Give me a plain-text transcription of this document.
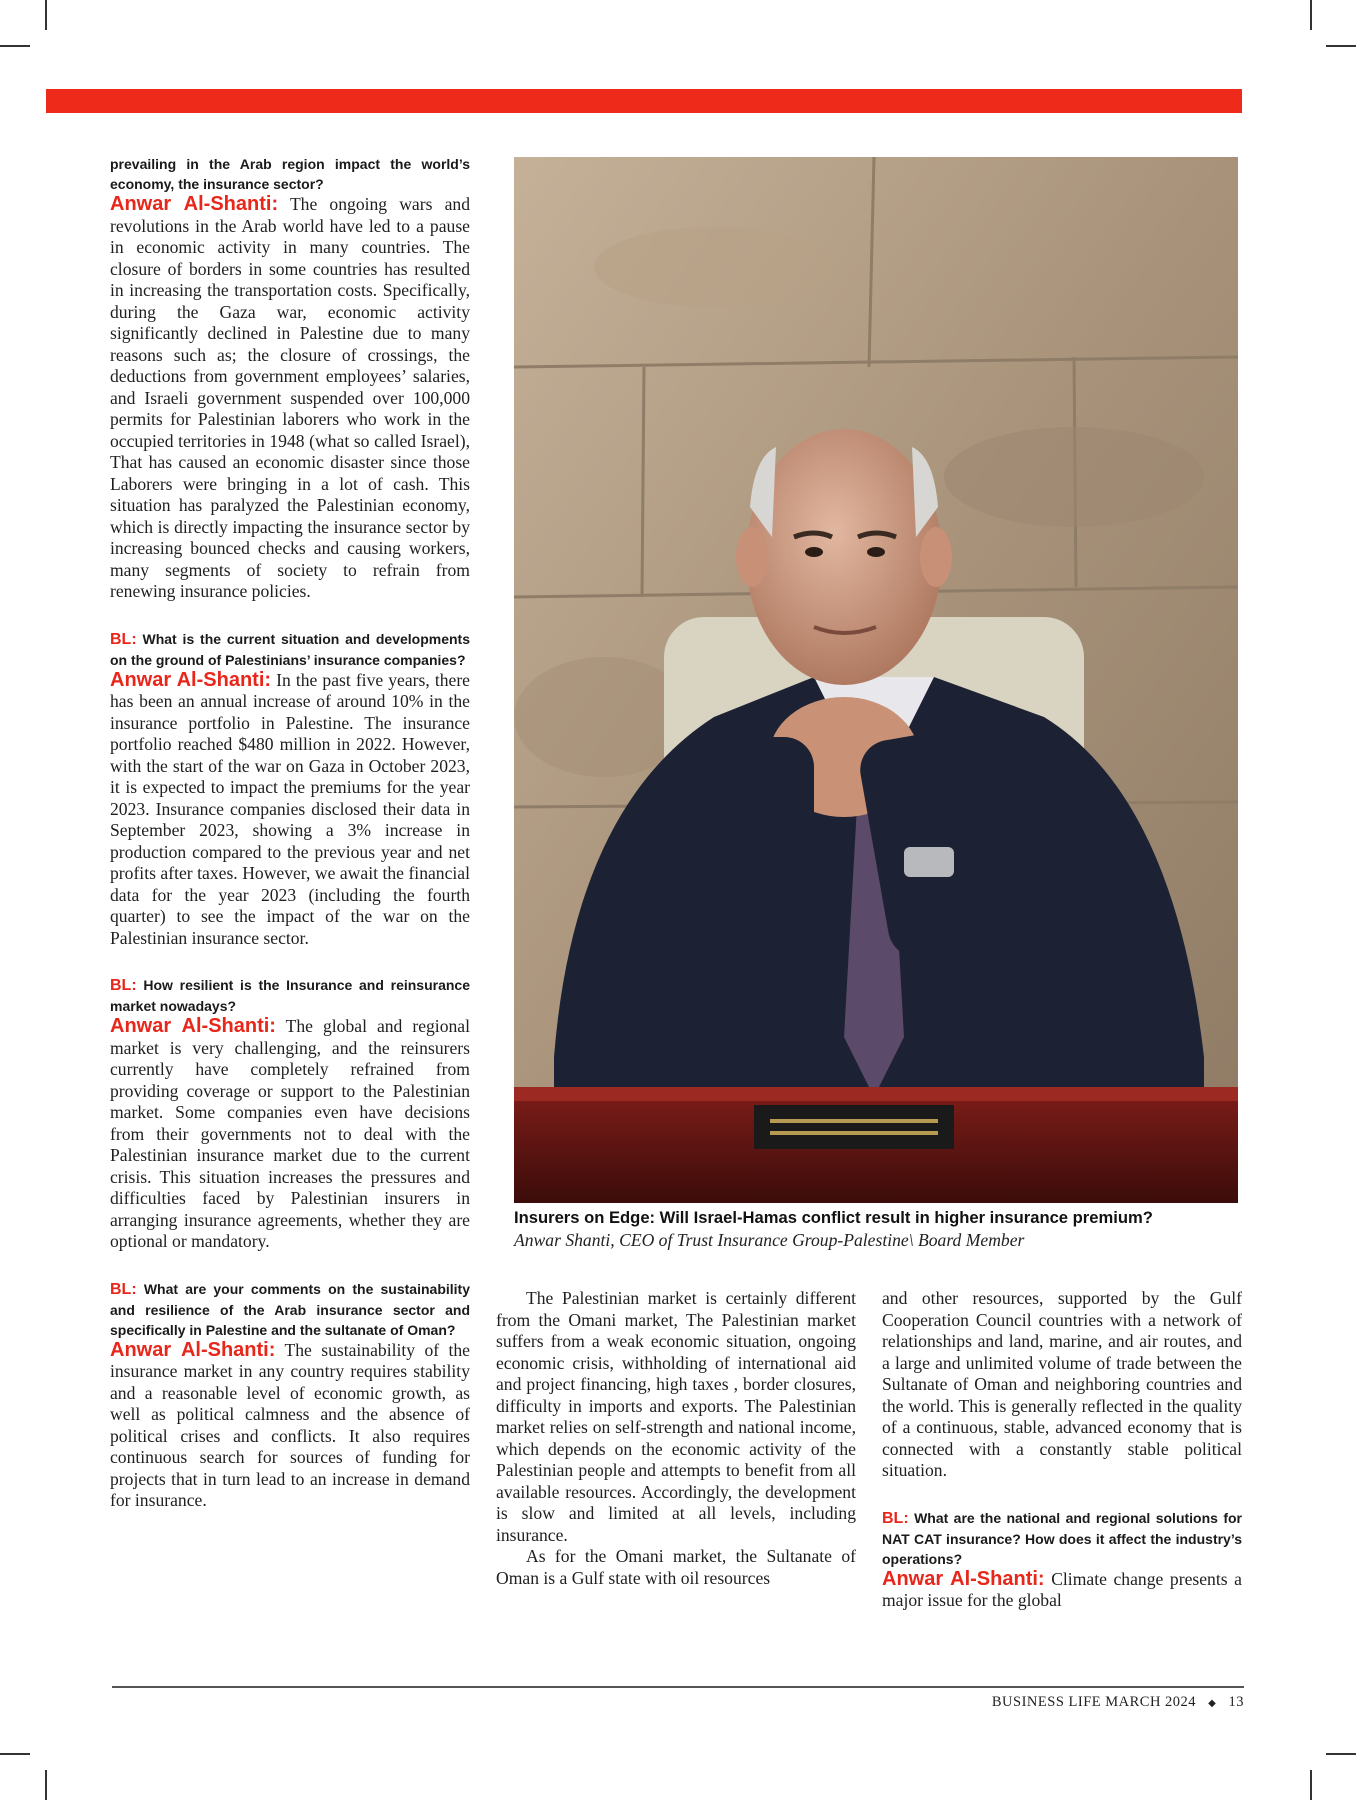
prevailing in the Arab region impact the world’s economy, the insurance sector?

Anwar Al-Shanti: The ongoing wars and revolutions in the Arab world have led to a pause in economic activity in many countries. The closure of borders in some countries has resulted in increasing the transportation costs. Specifically, during the Gaza war, economic activity significantly declined in Palestine due to many reasons such as; the closure of crossings, the deductions from government employees’ salaries, and Israeli government suspended over 100,000 permits for Palestinian laborers who work in the occupied territories in 1948 (what so called Israel), That has caused an economic disaster since those Laborers were bringing in a lot of cash. This situation has paralyzed the Palestinian economy, which is directly impacting the insurance sector by increasing bounced checks and causing workers, many segments of society to refrain from renewing insurance policies.

BL: What is the current situation and developments on the ground of Palestinians’ insurance companies?

Anwar Al-Shanti: In the past five years, there has been an annual increase of around 10% in the insurance portfolio in Palestine. The insurance portfolio reached $480 million in 2022. However, with the start of the war on Gaza in October 2023, it is expected to impact the premiums for the year 2023. Insurance companies disclosed their data in September 2023, showing a 3% increase in production compared to the previous year and net profits after taxes. However, we await the financial data for the year 2023 (including the fourth quarter) to see the impact of the war on the Palestinian insurance sector.

BL: How resilient is the Insurance and reinsurance market nowadays?

Anwar Al-Shanti: The global and regional market is very challenging, and the reinsurers currently have completely refrained from providing coverage or support to the Palestinian market. Some companies even have decisions from their governments not to deal with the Palestinian insurance market due to the current crisis. This situation increases the pressures and difficulties faced by Palestinian insurers in arranging insurance agreements, whether they are optional or mandatory.

BL: What are your comments on the sustainability and resilience of the Arab insurance sector and specifically in Palestine and the sultanate of Oman?

Anwar Al-Shanti: The sustainability of the insurance market in any country requires stability and a reasonable level of economic growth, as well as political calmness and the absence of political crises and conflicts. It also requires continuous search for sources of funding for projects that in turn lead to an increase in demand for insurance.

Insurers on Edge: Will Israel-Hamas conflict result in higher insurance premium?
Anwar Shanti, CEO of Trust Insurance Group-Palestine\ Board Member

The Palestinian market is certainly different from the Omani market, The Palestinian market suffers from a weak economic situation, ongoing economic crisis, withholding of international aid and project financing, high taxes , border closures, difficulty in imports and exports. The Palestinian market relies on self-strength and national income, which depends on the economic activity of the Palestinian people and attempts to benefit from all available resources. Accordingly, the development is slow and limited at all levels, including insurance.

As for the Omani market, the Sultanate of Oman is a Gulf state with oil resources

and other resources, supported by the Gulf Cooperation Council countries with a network of relationships and land, marine, and air routes, and a large and unlimited volume of trade between the Sultanate of Oman and neighboring countries and the world. This is generally reflected in the quality of a continuous, stable, advanced economy that is connected with a constantly stable political situation.

BL: What are the national and regional solutions for NAT CAT insurance? How does it affect the industry’s operations?

Anwar Al-Shanti: Climate change presents a major issue for the global

BUSINESS LIFE MARCH 2024 ◆ 13
